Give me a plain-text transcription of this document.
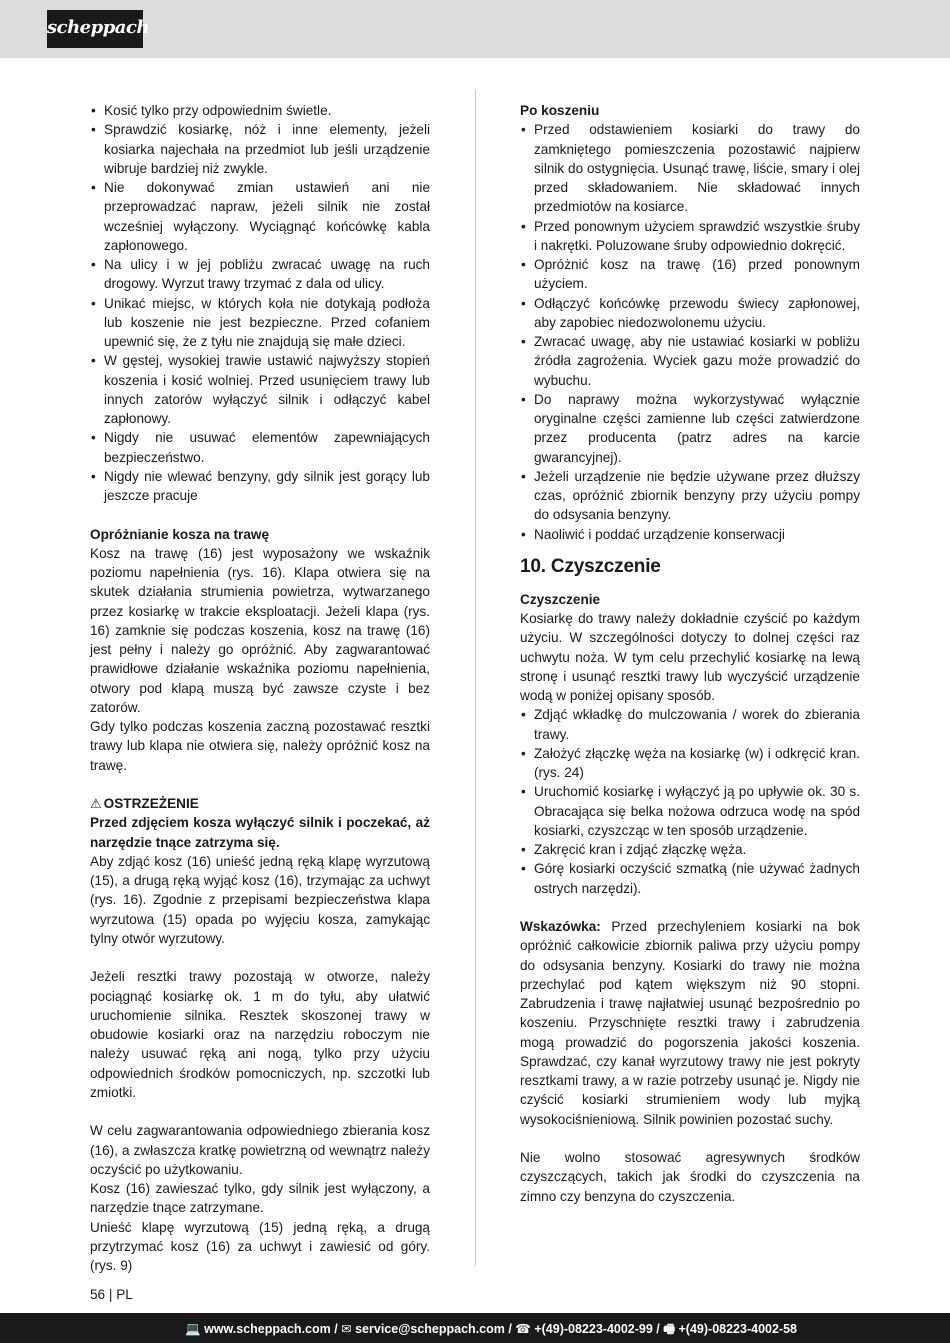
scheppach
• Kosić tylko przy odpowiednim świetle.
• Sprawdzić kosiarkę, nóż i inne elementy, jeżeli kosiarka najechała na przedmiot lub jeśli urządzenie wibruje bardziej niż zwykle.
• Nie dokonywać zmian ustawień ani nie przeprowadzać napraw, jeżeli silnik nie został wcześniej wyłączony. Wyciągnąć końcówkę kabla zapłonowego.
• Na ulicy i w jej pobliżu zwracać uwagę na ruch drogowy. Wyrzut trawy trzymać z dala od ulicy.
• Unikać miejsc, w których koła nie dotykają podłoża lub koszenie nie jest bezpieczne. Przed cofaniem upewnić się, że z tyłu nie znajdują się małe dzieci.
• W gęstej, wysokiej trawie ustawić najwyższy stopień koszenia i kosić wolniej. Przed usunięciem trawy lub innych zatorów wyłączyć silnik i odłączyć kabel zapłonowy.
• Nigdy nie usuwać elementów zapewniających bezpieczeństwo.
• Nigdy nie wlewać benzyny, gdy silnik jest gorący lub jeszcze pracuje
Opróżnianie kosza na trawę

Kosz na trawę (16) jest wyposażony we wskaźnik poziomu napełnienia (rys. 16). Klapa otwiera się na skutek działania strumienia powietrza, wytwarzanego przez kosiarkę w trakcie eksploatacji. Jeżeli klapa (rys. 16) zamknie się podczas koszenia, kosz na trawę (16) jest pełny i należy go opróżnić. Aby zagwarantować prawidłowe działanie wskaźnika poziomu napełnienia, otwory pod klapą muszą być zawsze czyste i bez zatorów.

Gdy tylko podczas koszenia zaczną pozostawać resztki trawy lub klapa nie otwiera się, należy opróżnić kosz na trawę.

⚠ OSTRZEŻENIE

Przed zdjęciem kosza wyłączyć silnik i poczekać, aż narzędzie tnące zatrzyma się.

Aby zdjąć kosz (16) unieść jedną ręką klapę wyrzutową (15), a drugą ręką wyjąć kosz (16), trzymając za uchwyt (rys. 16). Zgodnie z przepisami bezpieczeństwa klapa wyrzutowa (15) opada po wyjęciu kosza, zamykając tylny otwór wyrzutowy.

Jeżeli resztki trawy pozostają w otworze, należy pociągnąć kosiarkę ok. 1 m do tyłu, aby ułatwić uruchomienie silnika. Resztek skoszonej trawy w obudowie kosiarki oraz na narzędziu roboczym nie należy usuwać ręką ani nogą, tylko przy użyciu odpowiednich środków pomocniczych, np. szczotki lub zmiotki.

W celu zagwarantowania odpowiedniego zbierania kosz (16), a zwłaszcza kratkę powietrzną od wewnątrz należy oczyścić po użytkowaniu.

Kosz (16) zawieszać tylko, gdy silnik jest wyłączony, a narzędzie tnące zatrzymane.

Unieść klapę wyrzutową (15) jedną ręką, a drugą przytrzymać kosz (16) za uchwyt i zawiesić od góry. (rys. 9)

Po koszeniu
• Przed odstawieniem kosiarki do trawy do zamkniętego pomieszczenia pozostawić najpierw silnik do ostygnięcia. Usunąć trawę, liście, smary i olej przed składowaniem. Nie składować innych przedmiotów na kosiarce.
• Przed ponownym użyciem sprawdzić wszystkie śruby i nakrętki. Poluzowane śruby odpowiednio dokręcić.
• Opróżnić kosz na trawę (16) przed ponownym użyciem.
• Odłączyć końcówkę przewodu świecy zapłonowej, aby zapobiec niedozwolonemu użyciu.
• Zwracać uwagę, aby nie ustawiać kosiarki w pobliżu źródła zagrożenia. Wyciek gazu może prowadzić do wybuchu.
• Do naprawy można wykorzystywać wyłącznie oryginalne części zamienne lub części zatwierdzone przez producenta (patrz adres na karcie gwarancyjnej).
• Jeżeli urządzenie nie będzie używane przez dłuższy czas, opróżnić zbiornik benzyny przy użyciu pompy do odsysania benzyny.
• Naoliwić i poddać urządzenie konserwacji
10. Czyszczenie
Czyszczenie

Kosiarkę do trawy należy dokładnie czyścić po każdym użyciu. W szczególności dotyczy to dolnej części raz uchwytu noża. W tym celu przechylić kosiarkę na lewą stronę i usunąć resztki trawy lub wyczyścić urządzenie wodą w poniżej opisany sposób.

• Zdjąć wkładkę do mulczowania / worek do zbierania trawy.
• Założyć złączkę węża na kosiarkę (w) i odkręcić kran. (rys. 24)
• Uruchomić kosiarkę i wyłączyć ją po upływie ok. 30 s. Obracająca się belka nożowa odrzuca wodę na spód kosiarki, czyszcząc w ten sposób urządzenie.
• Zakręcić kran i zdjąć złączkę węża.
• Górę kosiarki oczyścić szmatką (nie używać żadnych ostrych narzędzi).

Wskazówka: Przed przechyleniem kosiarki na bok opróżnić całkowicie zbiornik paliwa przy użyciu pompy do odsysania benzyny. Kosiarki do trawy nie można przechylać pod kątem większym niż 90 stopni. Zabrudzenia i trawę najłatwiej usunąć bezpośrednio po koszeniu. Przyschnięte resztki trawy i zabrudzenia mogą prowadzić do pogorszenia jakości koszenia. Sprawdzać, czy kanał wyrzutowy trawy nie jest pokryty resztkami trawy, a w razie potrzeby usunąć je. Nigdy nie czyścić kosiarki strumieniem wody lub myjką wysokociśnieniową. Silnik powinien pozostać suchy.

Nie wolno stosować agresywnych środków czyszczących, takich jak środki do czyszczenia na zimno czy benzyna do czyszczenia.

56 | PL
💻 www.scheppach.com / ✉ service@scheppach.com / ☎ +(49)-08223-4002-99 / 🖷 +(49)-08223-4002-58
